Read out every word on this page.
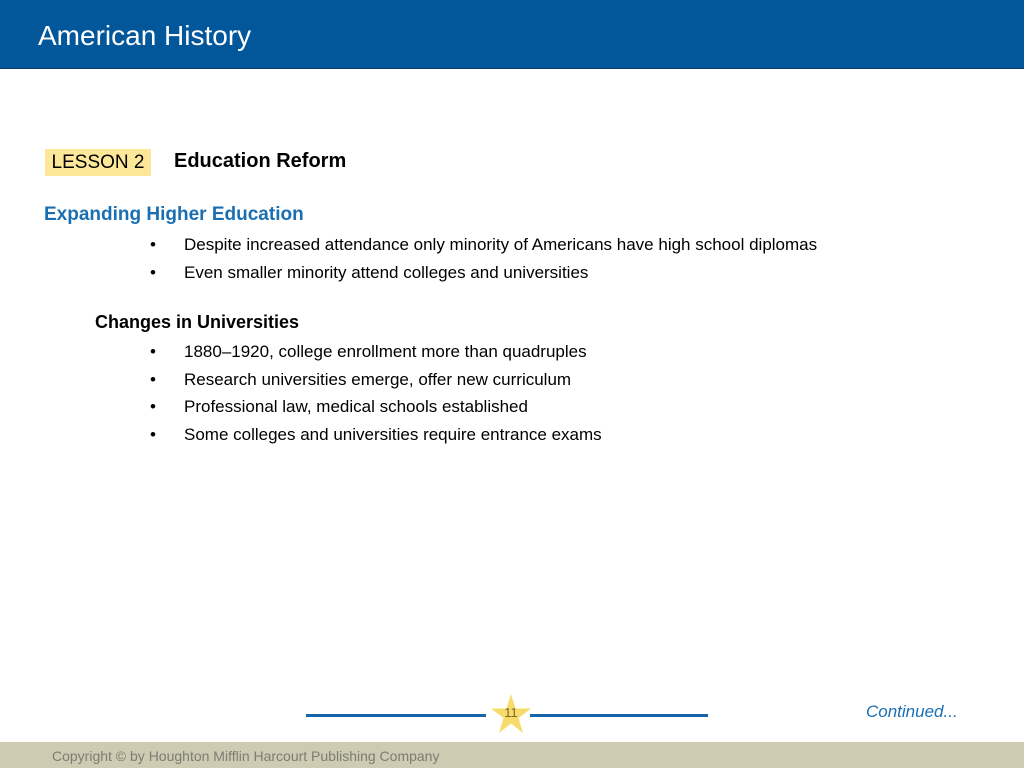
American History
LESSON 2	Education Reform
Expanding Higher Education
• Despite increased attendance only minority of Americans have high school diplomas
• Even smaller minority attend colleges and universities
Changes in Universities
• 1880–1920, college enrollment more than quadruples
• Research universities emerge, offer new curriculum
• Professional law, medical schools established
• Some colleges and universities require entrance exams
11	Continued...
Copyright © by Houghton Mifflin Harcourt Publishing Company
